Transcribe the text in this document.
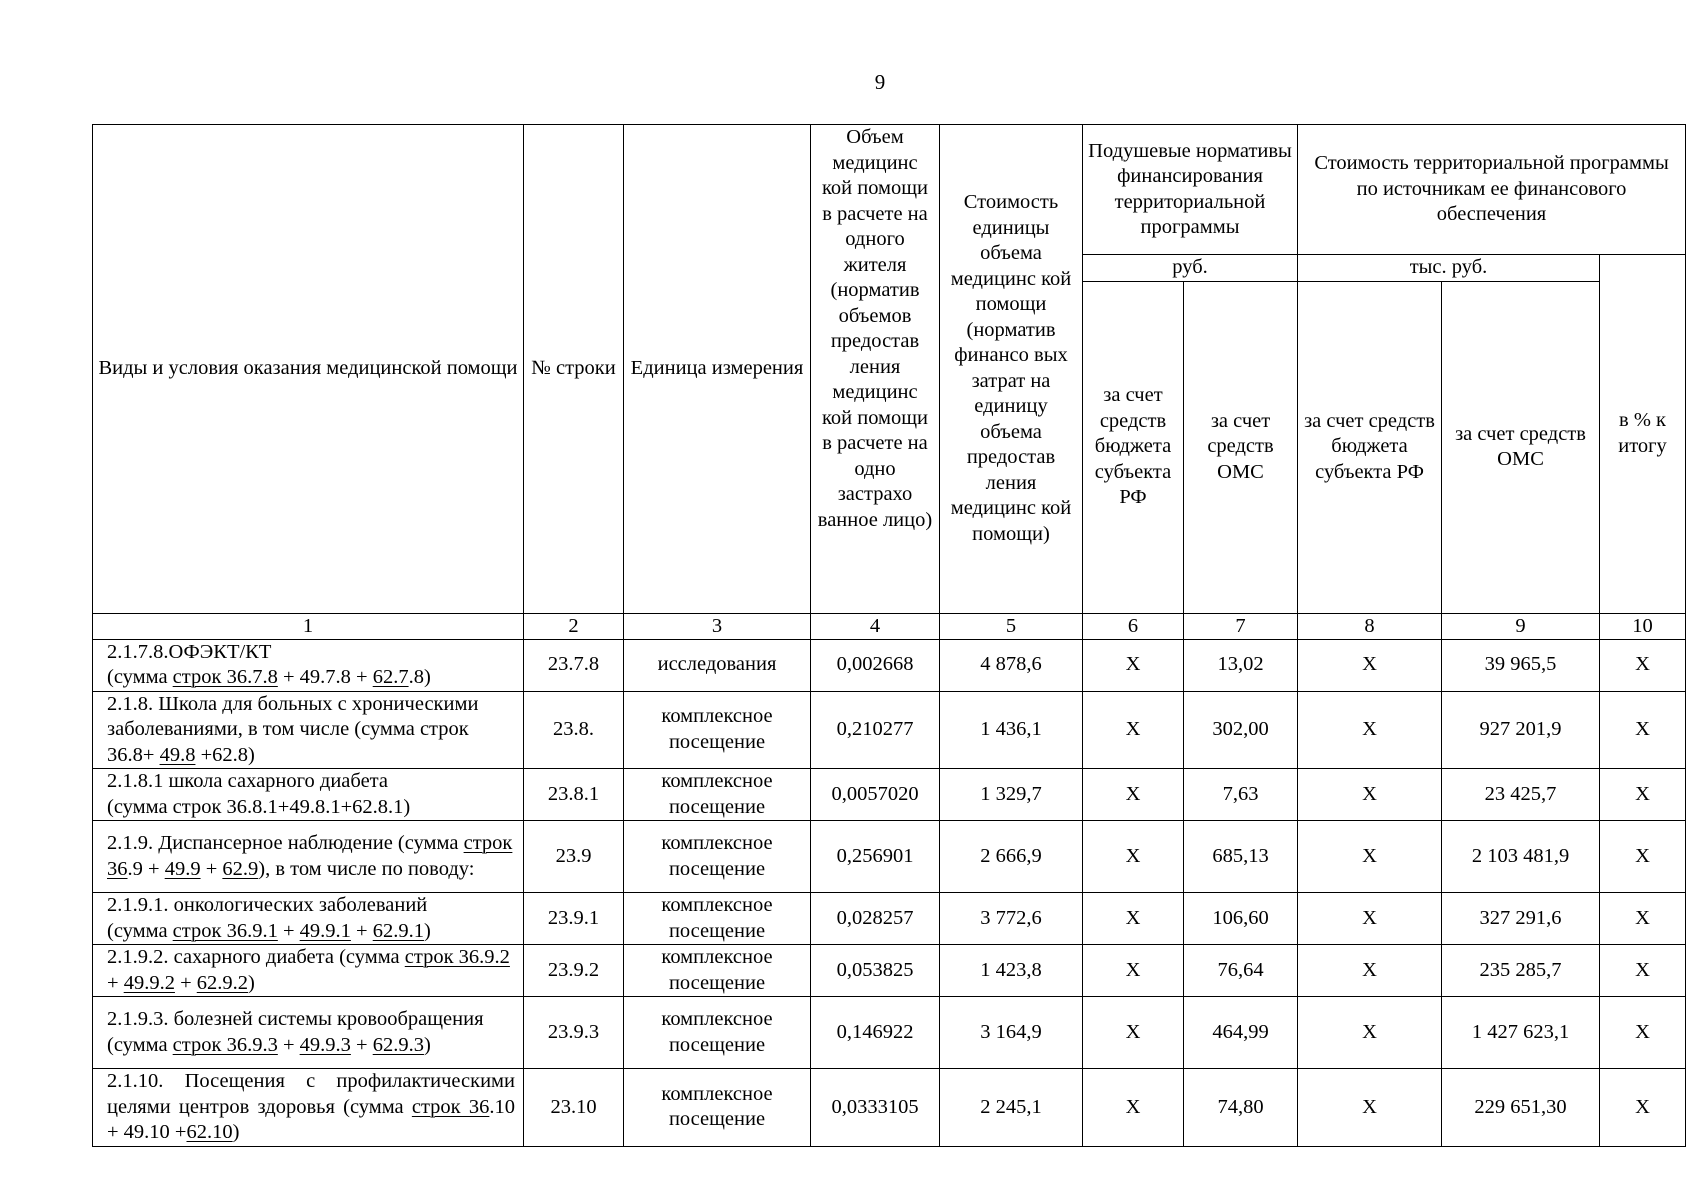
9
Виды и условия оказания медицинской помощи	№ строки	Единица измерения	Объем медицинс кой помощи в расчете на одного жителя (норматив объемов предостав ления медицинс кой помощи в расчете на одно застрахо ванное лицо)	Стоимость единицы объема медицинс кой помощи (норматив финансо вых затрат на единицу объема предостав ления медицинс кой помощи)	Подушевые нормативы финансирования территориальной программы		Стоимость территориальной программы по источникам ее финансового обеспечения		
					руб.		тыс. руб.		в % к итогу
					за счет средств бюджета субъекта РФ	за счет средств ОМС	за счет средств бюджета субъекта РФ	за счет средств ОМС	
1	2	3	4	5	6	7	8	9	10
2.1.7.8.ОФЭКТ/КТ
(сумма строк 36.7.8 + 49.7.8 + 62.7.8)	23.7.8	исследования	0,002668	4 878,6	X	13,02	X	39 965,5	X
2.1.8. Школа для больных с хроническими заболеваниями, в том числе (сумма строк 36.8+ 49.8 +62.8)	23.8.	комплексное посещение	0,210277	1 436,1	X	302,00	X	927 201,9	X
2.1.8.1 школа сахарного диабета
(сумма строк 36.8.1+49.8.1+62.8.1)	23.8.1	комплексное посещение	0,0057020	1 329,7	X	7,63	X	23 425,7	X
2.1.9. Диспансерное наблюдение (сумма строк 36.9 + 49.9 + 62.9), в том числе по поводу:	23.9	комплексное посещение	0,256901	2 666,9	X	685,13	X	2 103 481,9	X
2.1.9.1. онкологических заболеваний
(сумма строк 36.9.1 + 49.9.1 + 62.9.1)	23.9.1	комплексное посещение	0,028257	3 772,6	X	106,60	X	327 291,6	X
2.1.9.2. сахарного диабета (сумма строк 36.9.2 + 49.9.2 + 62.9.2)	23.9.2	комплексное посещение	0,053825	1 423,8	X	76,64	X	235 285,7	X
2.1.9.3. болезней системы кровообращения (сумма строк 36.9.3 + 49.9.3 + 62.9.3)	23.9.3	комплексное посещение	0,146922	3 164,9	X	464,99	X	1 427 623,1	X
2.1.10. Посещения с профилактическими целями центров здоровья (сумма строк 36.10 + 49.10 +62.10)	23.10	комплексное посещение	0,0333105	2 245,1	X	74,80	X	229 651,30	X
